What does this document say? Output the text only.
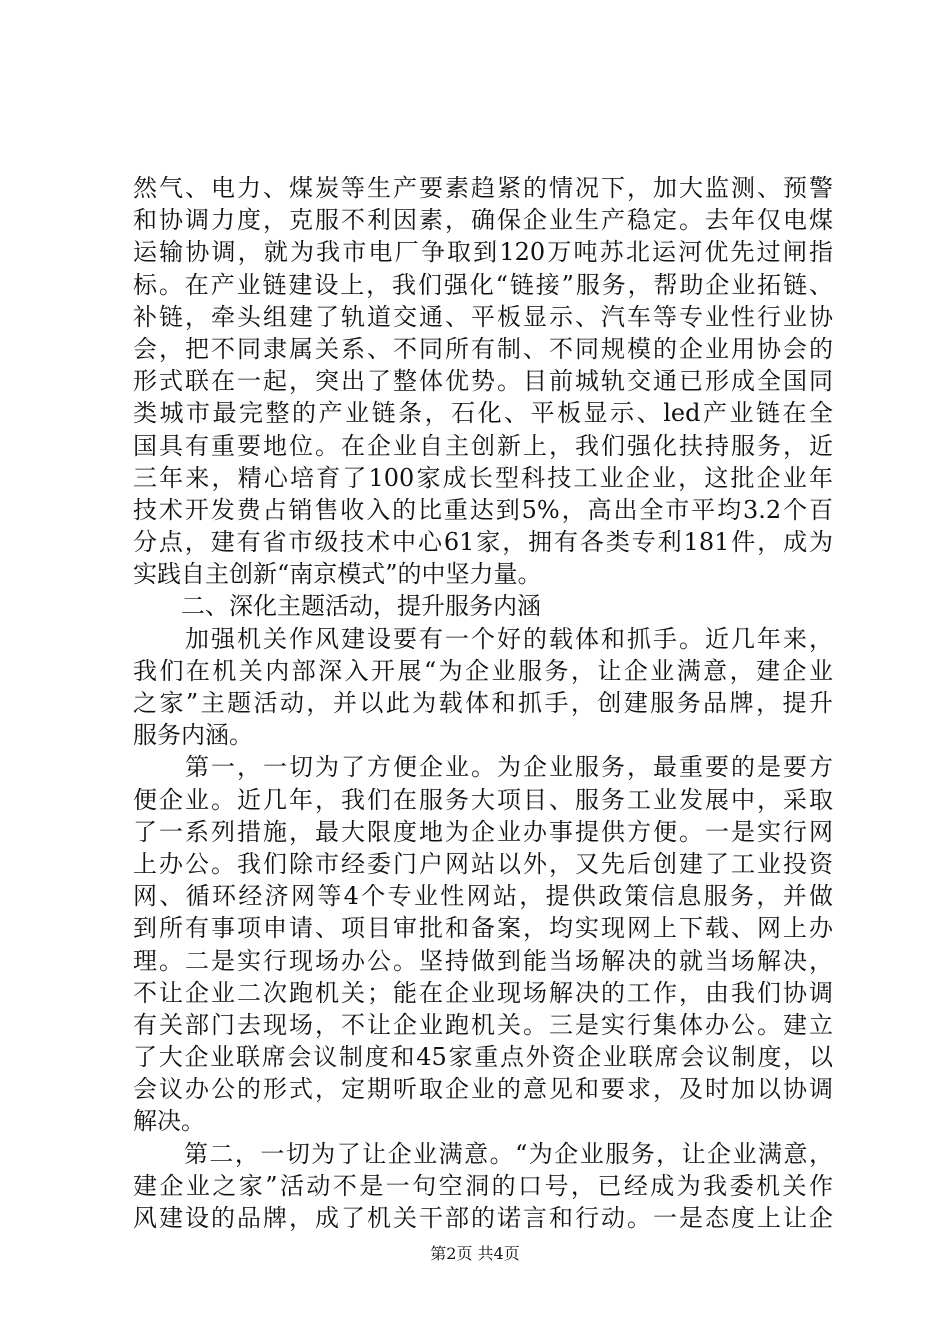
然气、电力、煤炭等生产要素趋紧的情况下，加大监测、预警
和协调力度，克服不利因素，确保企业生产稳定。去年仅电煤
运输协调，就为我市电厂争取到120万吨苏北运河优先过闸指
标。在产业链建设上，我们强化“链接”服务，帮助企业拓链、
补链，牵头组建了轨道交通、平板显示、汽车等专业性行业协
会，把不同隶属关系、不同所有制、不同规模的企业用协会的
形式联在一起，突出了整体优势。目前城轨交通已形成全国同
类城市最完整的产业链条，石化、平板显示、led产业链在全
国具有重要地位。在企业自主创新上，我们强化扶持服务，近
三年来，精心培育了100家成长型科技工业企业，这批企业年
技术开发费占销售收入的比重达到5%，高出全市平均3.2个百
分点，建有省市级技术中心61家，拥有各类专利181件，成为
实践自主创新“南京模式”的中坚力量。
　　二、深化主题活动，提升服务内涵
　　加强机关作风建设要有一个好的载体和抓手。近几年来，
我们在机关内部深入开展“为企业服务，让企业满意，建企业
之家”主题活动，并以此为载体和抓手，创建服务品牌，提升
服务内涵。
　　第一，一切为了方便企业。为企业服务，最重要的是要方
便企业。近几年，我们在服务大项目、服务工业发展中，采取
了一系列措施，最大限度地为企业办事提供方便。一是实行网
上办公。我们除市经委门户网站以外，又先后创建了工业投资
网、循环经济网等4个专业性网站，提供政策信息服务，并做
到所有事项申请、项目审批和备案，均实现网上下载、网上办
理。二是实行现场办公。坚持做到能当场解决的就当场解决，
不让企业二次跑机关；能在企业现场解决的工作，由我们协调
有关部门去现场，不让企业跑机关。三是实行集体办公。建立
了大企业联席会议制度和45家重点外资企业联席会议制度，以
会议办公的形式，定期听取企业的意见和要求，及时加以协调
解决。
　　第二，一切为了让企业满意。“为企业服务，让企业满意，
建企业之家”活动不是一句空洞的口号，已经成为我委机关作
风建设的品牌，成了机关干部的诺言和行动。一是态度上让企
第2页 共4页
